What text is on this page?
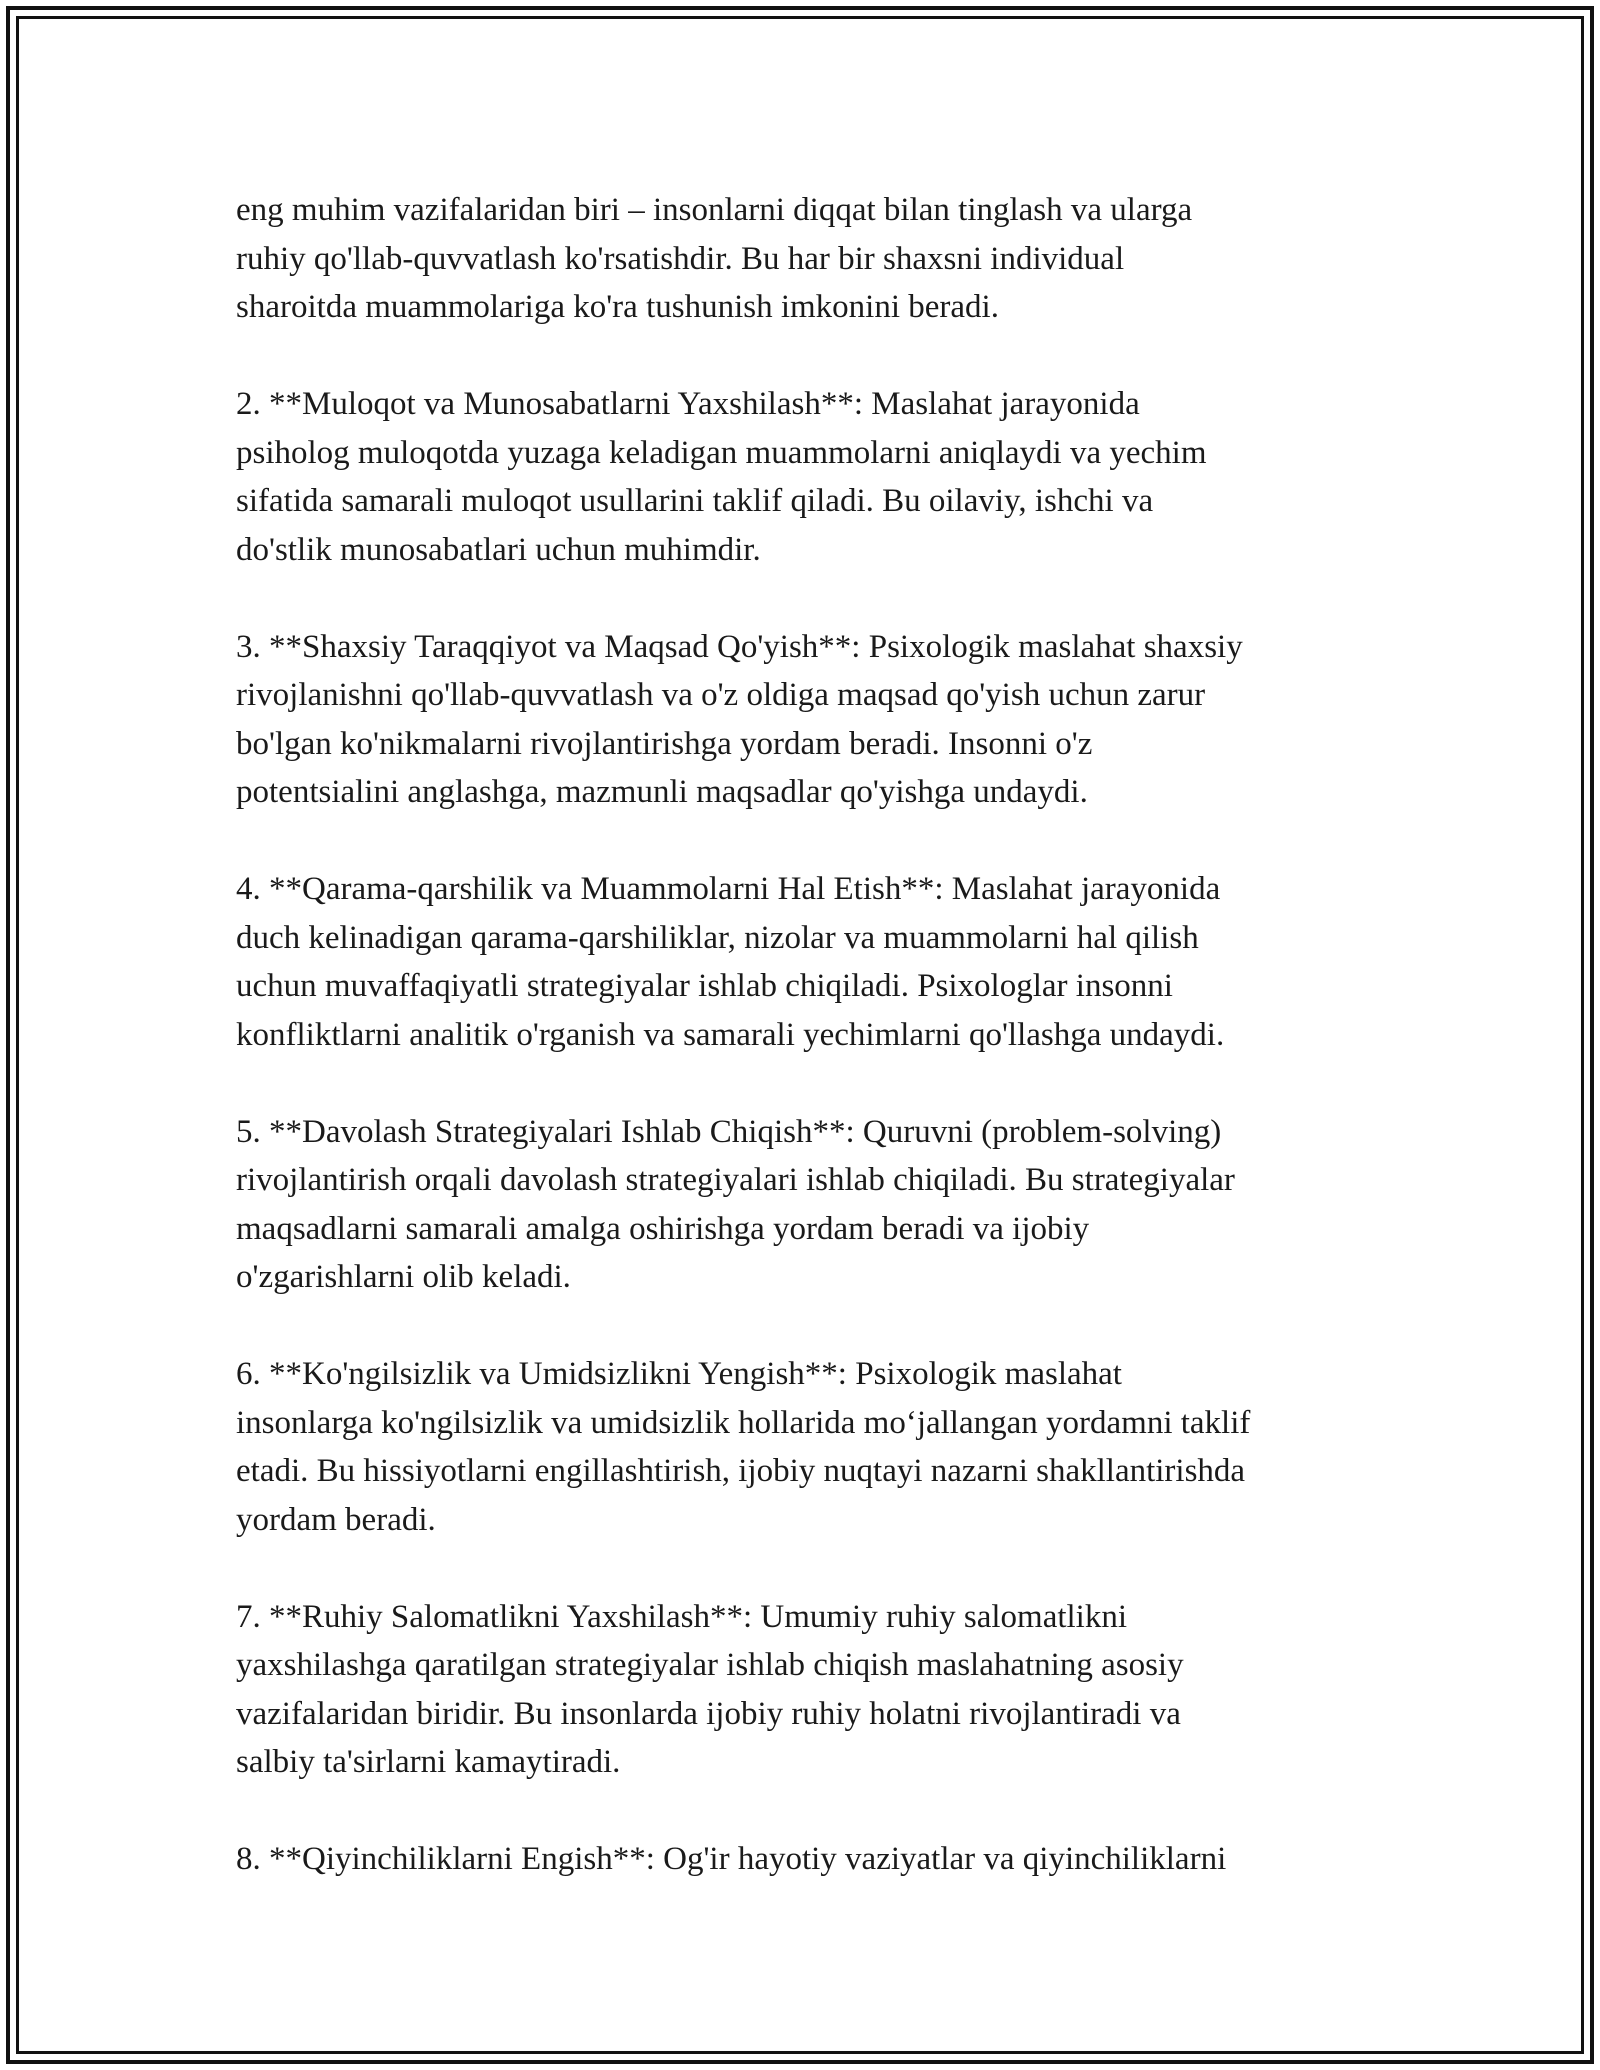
eng muhim vazifalaridan biri – insonlarni diqqat bilan tinglash va ularga
ruhiy qo'llab-quvvatlash ko'rsatishdir. Bu har bir shaxsni individual
sharoitda muammolariga ko'ra tushunish imkonini beradi.

2. **Muloqot va Munosabatlarni Yaxshilash**: Maslahat jarayonida
psiholog muloqotda yuzaga keladigan muammolarni aniqlaydi va yechim
sifatida samarali muloqot usullarini taklif qiladi. Bu oilaviy, ishchi va
do'stlik munosabatlari uchun muhimdir.

3. **Shaxsiy Taraqqiyot va Maqsad Qo'yish**: Psixologik maslahat shaxsiy
rivojlanishni qo'llab-quvvatlash va o'z oldiga maqsad qo'yish uchun zarur
bo'lgan ko'nikmalarni rivojlantirishga yordam beradi. Insonni o'z
potentsialini anglashga, mazmunli maqsadlar qo'yishga undaydi.

4. **Qarama-qarshilik va Muammolarni Hal Etish**: Maslahat jarayonida
duch kelinadigan qarama-qarshiliklar, nizolar va muammolarni hal qilish
uchun muvaffaqiyatli strategiyalar ishlab chiqiladi. Psixologlar insonni
konfliktlarni analitik o'rganish va samarali yechimlarni qo'llashga undaydi.

5. **Davolash Strategiyalari Ishlab Chiqish**: Quruvni (problem-solving)
rivojlantirish orqali davolash strategiyalari ishlab chiqiladi. Bu strategiyalar
maqsadlarni samarali amalga oshirishga yordam beradi va ijobiy
o'zgarishlarni olib keladi.

6. **Ko'ngilsizlik va Umidsizlikni Yengish**: Psixologik maslahat
insonlarga ko'ngilsizlik va umidsizlik hollarida moʻjallangan yordamni taklif
etadi. Bu hissiyotlarni engillashtirish, ijobiy nuqtayi nazarni shakllantirishda
yordam beradi.

7. **Ruhiy Salomatlikni Yaxshilash**: Umumiy ruhiy salomatlikni
yaxshilashga qaratilgan strategiyalar ishlab chiqish maslahatning asosiy
vazifalaridan biridir. Bu insonlarda ijobiy ruhiy holatni rivojlantiradi va
salbiy ta'sirlarni kamaytiradi.

8. **Qiyinchiliklarni Engish**: Og'ir hayotiy vaziyatlar va qiyinchiliklarni
